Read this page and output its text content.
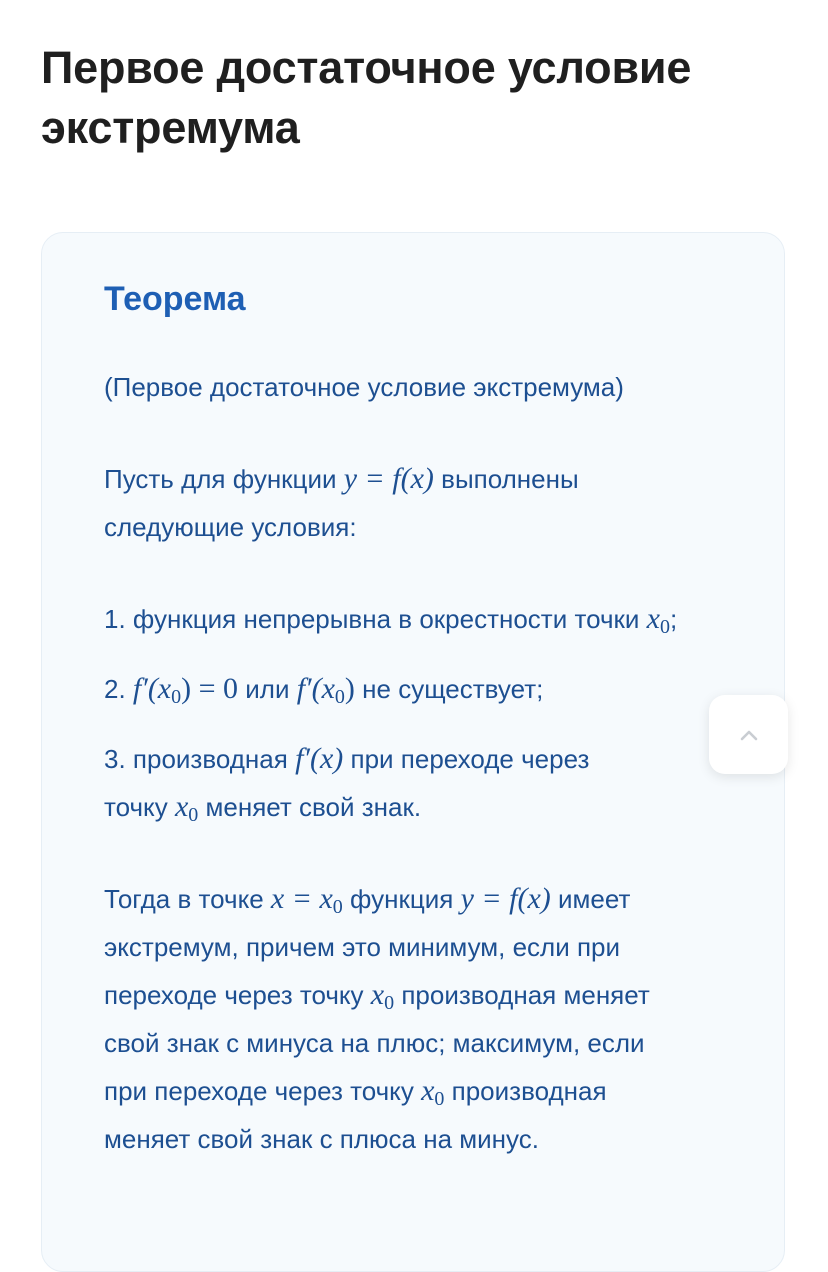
Первое достаточное условие экстремума
Теорема

(Первое достаточное условие экстремума)

Пусть для функции y = f(x) выполнены
следующие условия:

1. функция непрерывна в окрестности точки $x_0$;

2. $f'(x_0) = 0$ или $f'(x_0)$ не существует;

3. производная f′(x) при переходе через
точку $x_0$ меняет свой знак.

Тогда в точке $x = x_0$ функция y = f(x) имеет
экстремум, причем это минимум, если при
переходе через точку $x_0$ производная меняет
свой знак с минуса на плюс; максимум, если
при переходе через точку $x_0$ производная
меняет свой знак с плюса на минус.
